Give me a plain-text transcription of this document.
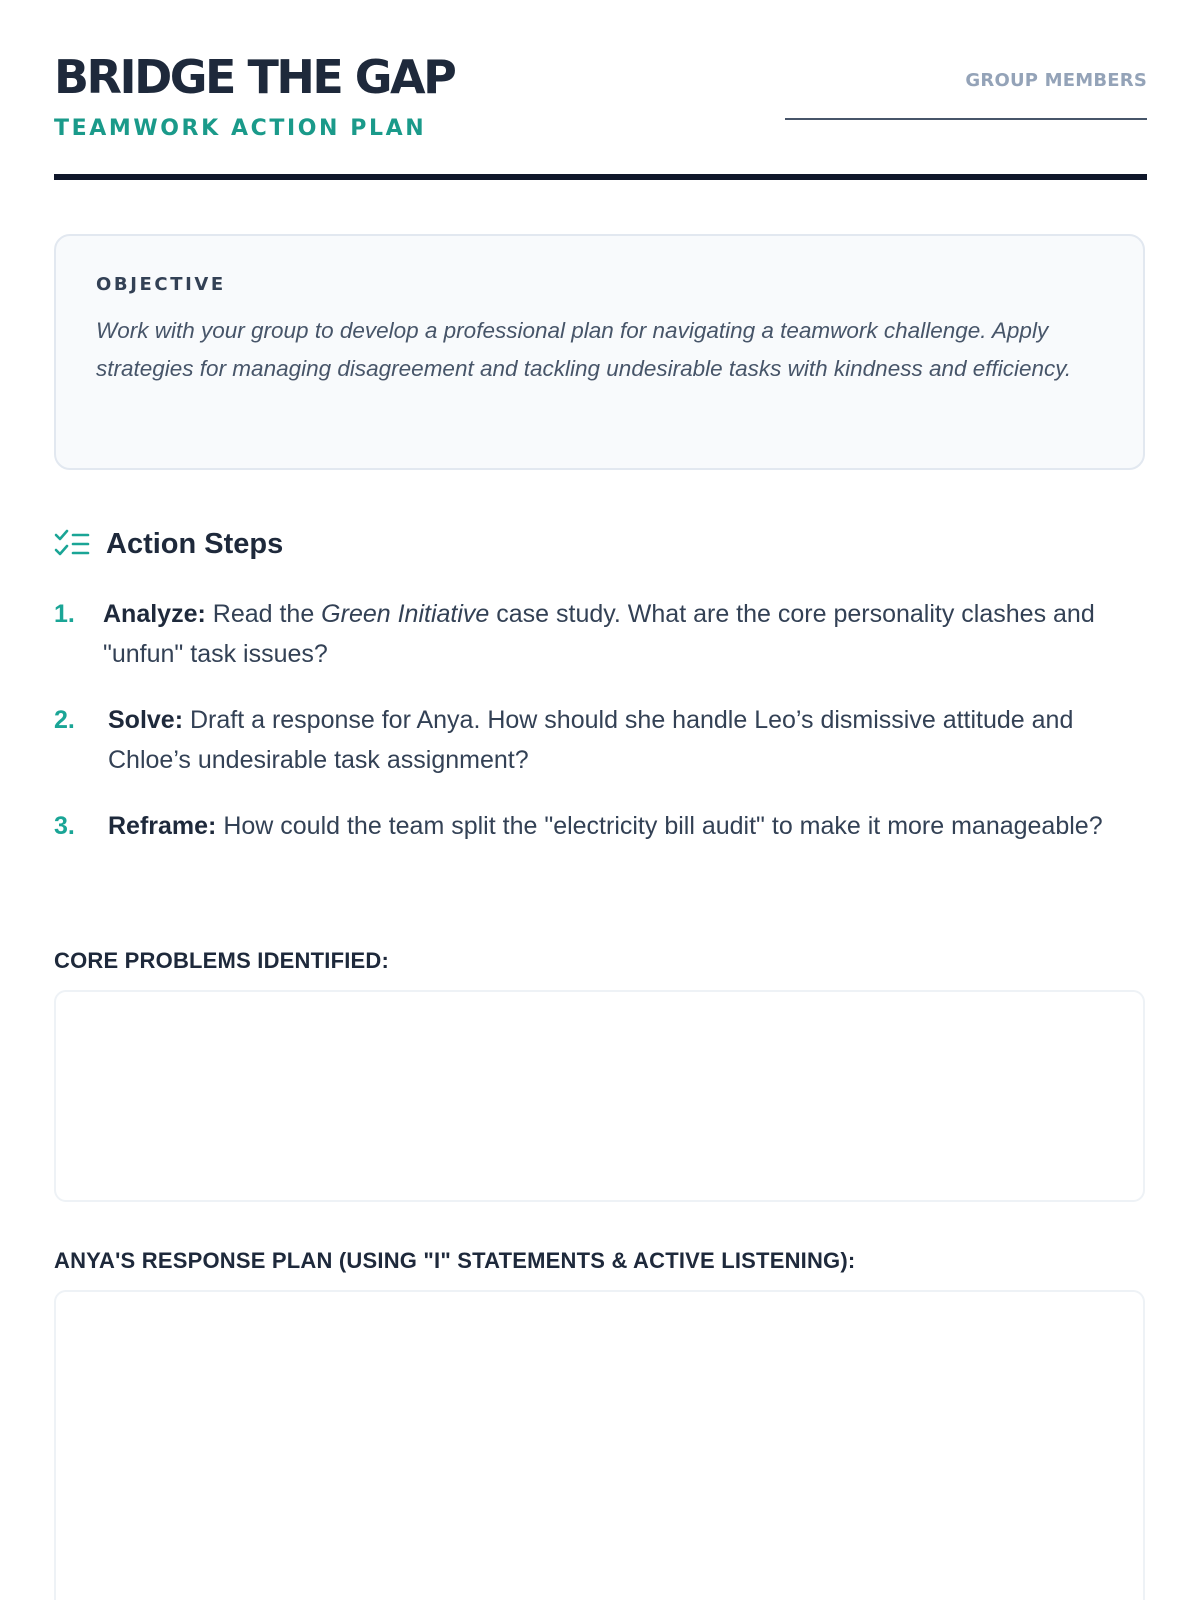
BRIDGE THE GAP
TEAMWORK ACTION PLAN
GROUP MEMBERS
OBJECTIVE
Work with your group to develop a professional plan for navigating a teamwork challenge. Apply strategies for managing disagreement and tackling undesirable tasks with kindness and efficiency.
Action Steps
1.	Analyze: Read the Green Initiative case study. What are the core personality clashes and "unfun" task issues?
2.	Solve: Draft a response for Anya. How should she handle Leo’s dismissive attitude and Chloe’s undesirable task assignment?
3.	Reframe: How could the team split the "electricity bill audit" to make it more manageable?
CORE PROBLEMS IDENTIFIED:
ANYA'S RESPONSE PLAN (USING "I" STATEMENTS & ACTIVE LISTENING):
